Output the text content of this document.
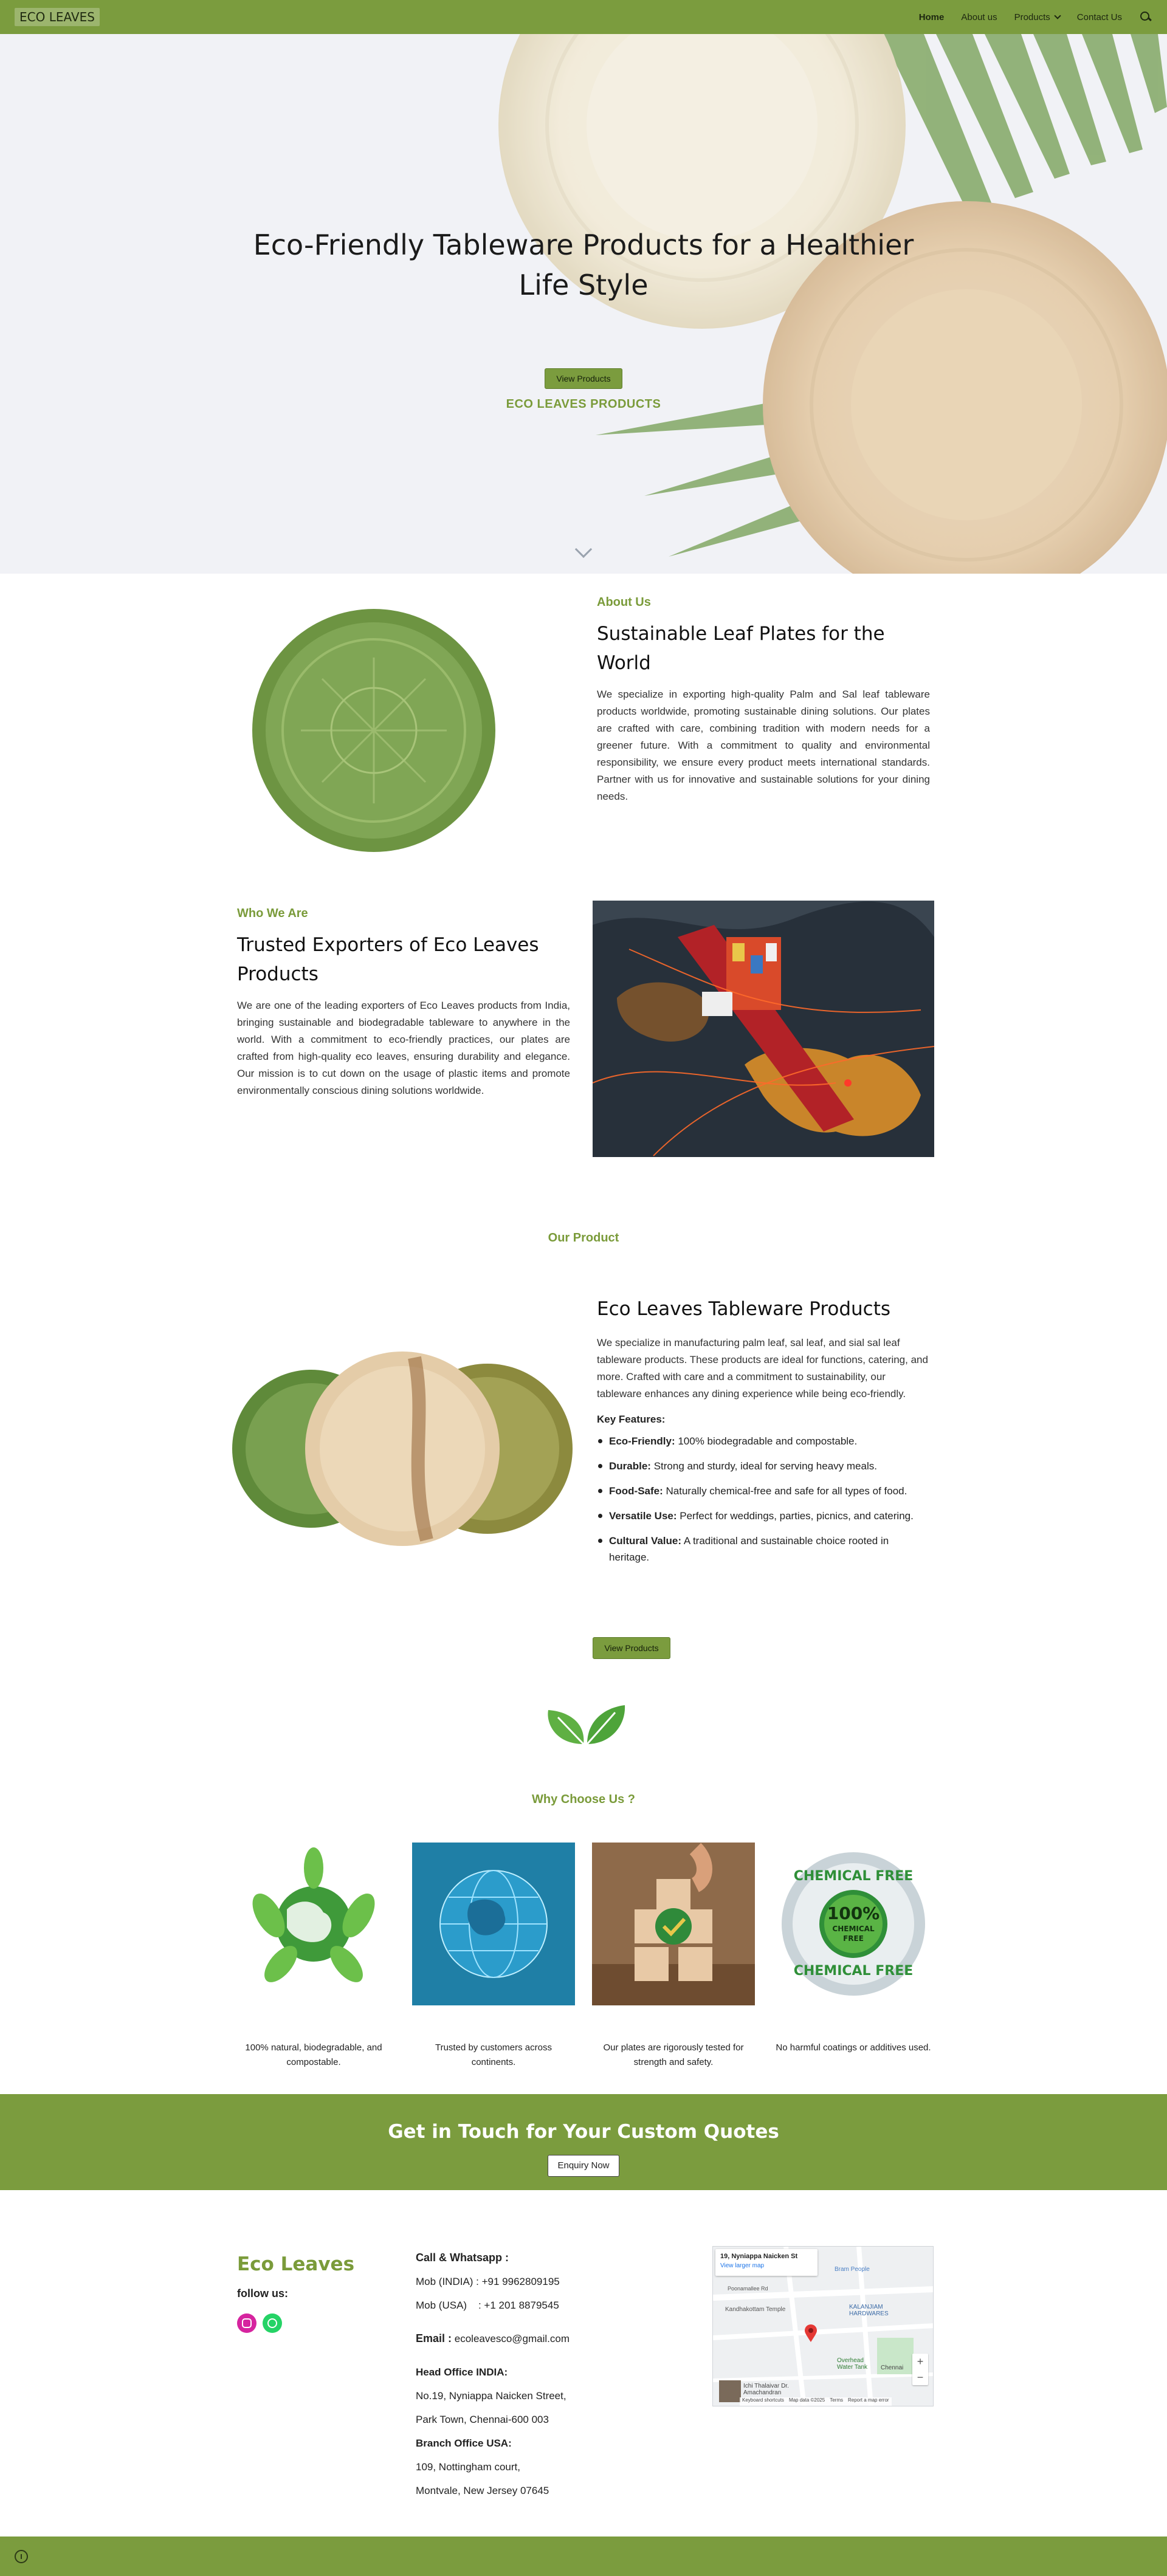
ECO LEAVES	Home About us Products	Contact Us
Eco-Friendly Tableware Products for a Healthier Life Style
View Products
ECO LEAVES PRODUCTS
About Us
Sustainable Leaf Plates for the World
We specialize in exporting high-quality Palm and Sal leaf tableware products worldwide, promoting sustainable dining solutions. Our plates are crafted with care, combining tradition with modern needs for a greener future. With a commitment to quality and environmental responsibility, we ensure every product meets international standards. Partner with us for innovative and sustainable solutions for your dining needs.
Who We Are
Trusted Exporters of Eco Leaves Products
We are one of the leading exporters of Eco Leaves products from India, bringing sustainable and biodegradable tableware to anywhere in the world. With a commitment to eco-friendly practices, our plates are crafted from high-quality eco leaves, ensuring durability and elegance. Our mission is to cut down on the usage of plastic items and promote environmentally conscious dining solutions worldwide.
Our Product
Eco Leaves Tableware Products
We specialize in manufacturing palm leaf, sal leaf, and sial sal leaf tableware products. These products are ideal for functions, catering, and more. Crafted with care and a commitment to sustainability, our tableware enhances any dining experience while being eco-friendly.
Key Features:
Eco-Friendly: 100% biodegradable and compostable.
Durable: Strong and sturdy, ideal for serving heavy meals.
Food-Safe: Naturally chemical-free and safe for all types of food.
Versatile Use: Perfect for weddings, parties, picnics, and catering.
Cultural Value: A traditional and sustainable choice rooted in heritage.
View Products
Why Choose Us ?
CHEMICAL FREE
100%
CHEMICAL
FREE
CHEMICAL FREE
100% natural, biodegradable, and compostable.
Trusted by customers across continents.
Our plates are rigorously tested for strength and safety.
No harmful coatings or additives used.
Get in Touch for Your Custom Quotes
Enquiry Now
Eco Leaves
follow us:
Call & Whatsapp :
Mob (INDIA) : +91 9962809195
Mob (USA)    : +1 201 8879545
Email : ecoleavesco@gmail.com
Head Office INDIA:
No.19, Nyniappa Naicken Street,
Park Town, Chennai-600 003
Branch Office USA:
109, Nottingham court,
Montvale, New Jersey 07645
19, Nyniappa Naicken St
View larger map
Bram People
KALANJIAM HARDWARES
Poonamallee Rd
Kandhakottam Temple
Overhead Water Tank	Chennai
Ichi Thalaivar Dr. Amachandran
+
−
Keyboard shortcuts Map data ©2025 Terms Report a map error
